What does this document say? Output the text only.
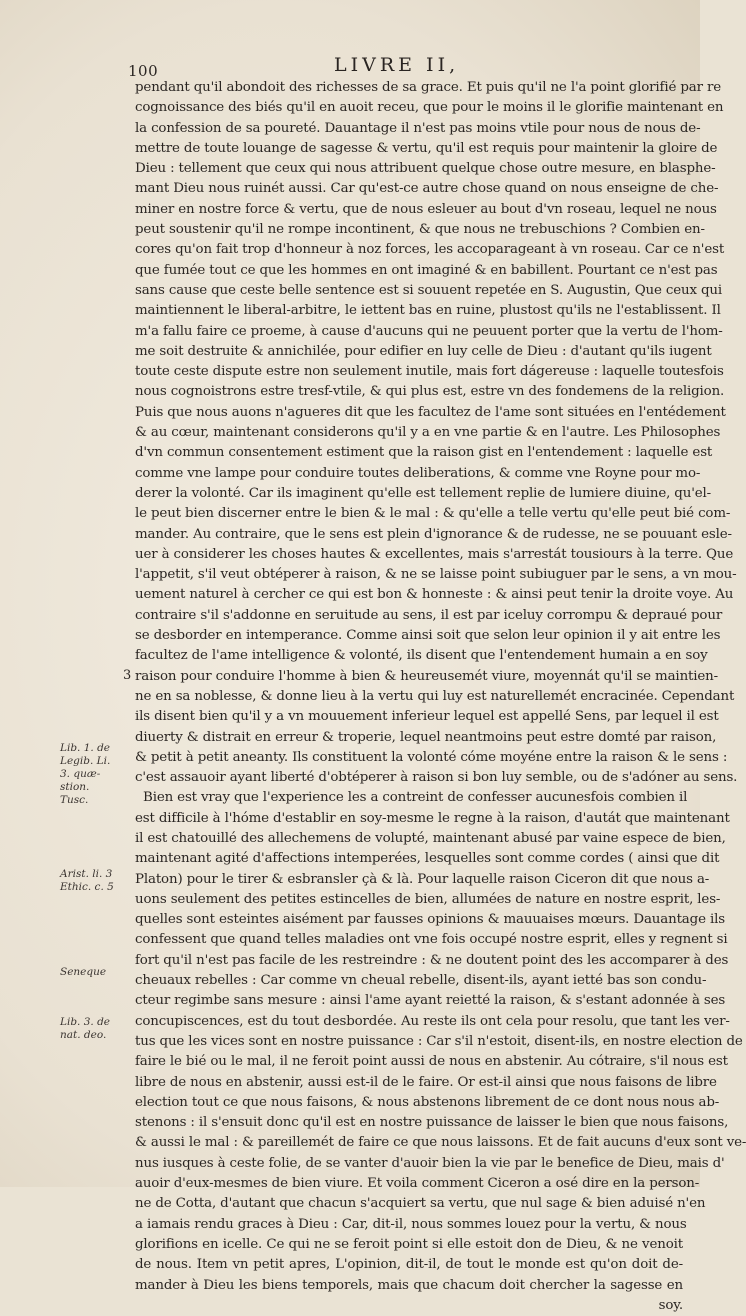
100	LIVRE II,
3
Lib. 1. de Legib. Li. 3. quæ- stion. Tusc.
Arist. li. 3 Ethic. c. 5
Seneque
Lib. 3. de nat. deo.
pendant qu'il abondoit des richesses de sa grace. Et puis qu'il ne l'a point glorifié par re
cognoissance des biés qu'il en auoit receu, que pour le moins il le glorifie maintenant en
la confession de sa poureté. Dauantage il n'est pas moins vtile pour nous de nous de-
mettre de toute louange de sagesse & vertu, qu'il est requis pour maintenir la gloire de
Dieu : tellement que ceux qui nous attribuent quelque chose outre mesure, en blasphe-
mant Dieu nous ruinét aussi. Car qu'est-ce autre chose quand on nous enseigne de che-
miner en nostre force & vertu, que de nous esleuer au bout d'vn roseau, lequel ne nous
peut soustenir qu'il ne rompe incontinent, & que nous ne trebuschions ? Combien en-
cores qu'on fait trop d'honneur à noz forces, les accoparageant à vn roseau. Car ce n'est
que fumée tout ce que les hommes en ont imaginé & en babillent. Pourtant ce n'est pas
sans cause que ceste belle sentence est si souuent repetée en S. Augustin, Que ceux qui
maintiennent le liberal-arbitre, le iettent bas en ruine, plustost qu'ils ne l'establissent. Il
m'a fallu faire ce proeme, à cause d'aucuns qui ne peuuent porter que la vertu de l'hom-
me soit destruite & annichilée, pour edifier en luy celle de Dieu : d'autant qu'ils iugent
toute ceste dispute estre non seulement inutile, mais fort dágereuse : laquelle toutesfois
nous cognoistrons estre tresf-vtile, & qui plus est, estre vn des fondemens de la religion.
Puis que nous auons n'agueres dit que les facultez de l'ame sont situées en l'entédement
& au cœur, maintenant considerons qu'il y a en vne partie & en l'autre. Les Philosophes
d'vn commun consentement estiment que la raison gist en l'entendement : laquelle est
comme vne lampe pour conduire toutes deliberations, & comme vne Royne pour mo-
derer la volonté. Car ils imaginent qu'elle est tellement replie de lumiere diuine, qu'el-
le peut bien discerner entre le bien & le mal : & qu'elle a telle vertu qu'elle peut bié com-
mander. Au contraire, que le sens est plein d'ignorance & de rudesse, ne se pouuant esle-
uer à considerer les choses hautes & excellentes, mais s'arrestát tousiours à la terre. Que
l'appetit, s'il veut obtéperer à raison, & ne se laisse point subiuguer par le sens, a vn mou-
uement naturel à cercher ce qui est bon & honneste : & ainsi peut tenir la droite voye. Au
contraire s'il s'addonne en seruitude au sens, il est par iceluy corrompu & depraué pour
se desborder en intemperance. Comme ainsi soit que selon leur opinion il y ait entre les
facultez de l'ame intelligence & volonté, ils disent que l'entendement humain a en soy
raison pour conduire l'homme à bien & heureusemét viure, moyennát qu'il se maintien-
ne en sa noblesse, & donne lieu à la vertu qui luy est naturellemét encracinée. Cependant
ils disent bien qu'il y a vn mouuement inferieur lequel est appellé Sens, par lequel il est
diuerty & distrait en erreur & troperie, lequel neantmoins peut estre domté par raison,
& petit à petit aneanty. Ils constituent la volonté cóme moyéne entre la raison & le sens :
c'est assauoir ayant liberté d'obtéperer à raison si bon luy semble, ou de s'adóner au sens.
Bien est vray que l'experience les a contreint de confesser aucunesfois combien il
est difficile à l'hóme d'establir en soy-mesme le regne à la raison, d'autát que maintenant
il est chatouillé des allechemens de volupté, maintenant abusé par vaine espece de bien,
maintenant agité d'affections intemperées, lesquelles sont comme cordes ( ainsi que dit
Platon) pour le tirer & esbransler çà & là. Pour laquelle raison Ciceron dit que nous a-
uons seulement des petites estincelles de bien, allumées de nature en nostre esprit, les-
quelles sont esteintes aisément par fausses opinions & mauuaises mœurs. Dauantage ils
confessent que quand telles maladies ont vne fois occupé nostre esprit, elles y regnent si
fort qu'il n'est pas facile de les restreindre : & ne doutent point des les accomparer à des
cheuaux rebelles : Car comme vn cheual rebelle, disent-ils, ayant ietté bas son condu-
cteur regimbe sans mesure : ainsi l'ame ayant reietté la raison, & s'estant adonnée à ses
concupiscences, est du tout desbordée. Au reste ils ont cela pour resolu, que tant les ver-
tus que les vices sont en nostre puissance : Car s'il n'estoit, disent-ils, en nostre election de
faire le bié ou le mal, il ne feroit point aussi de nous en abstenir. Au cótraire, s'il nous est
libre de nous en abstenir, aussi est-il de le faire. Or est-il ainsi que nous faisons de libre
election tout ce que nous faisons, & nous abstenons librement de ce dont nous nous ab-
stenons : il s'ensuit donc qu'il est en nostre puissance de laisser le bien que nous faisons,
& aussi le mal : & pareillemét de faire ce que nous laissons. Et de fait aucuns d'eux sont ve-
nus iusques à ceste folie, de se vanter d'auoir bien la vie par le benefice de Dieu, mais d'
auoir d'eux-mesmes de bien viure. Et voila comment Ciceron a osé dire en la person-
ne de Cotta, d'autant que chacun s'acquiert sa vertu, que nul sage & bien aduisé n'en
a iamais rendu graces à Dieu : Car, dit-il, nous sommes louez pour la vertu, & nous
glorifions en icelle. Ce qui ne se feroit point si elle estoit don de Dieu, & ne venoit
de nous. Item vn petit apres, L'opinion, dit-il, de tout le monde est qu'on doit de-
mander à Dieu les biens temporels, mais que chacum doit chercher la sagesse en
soy.
